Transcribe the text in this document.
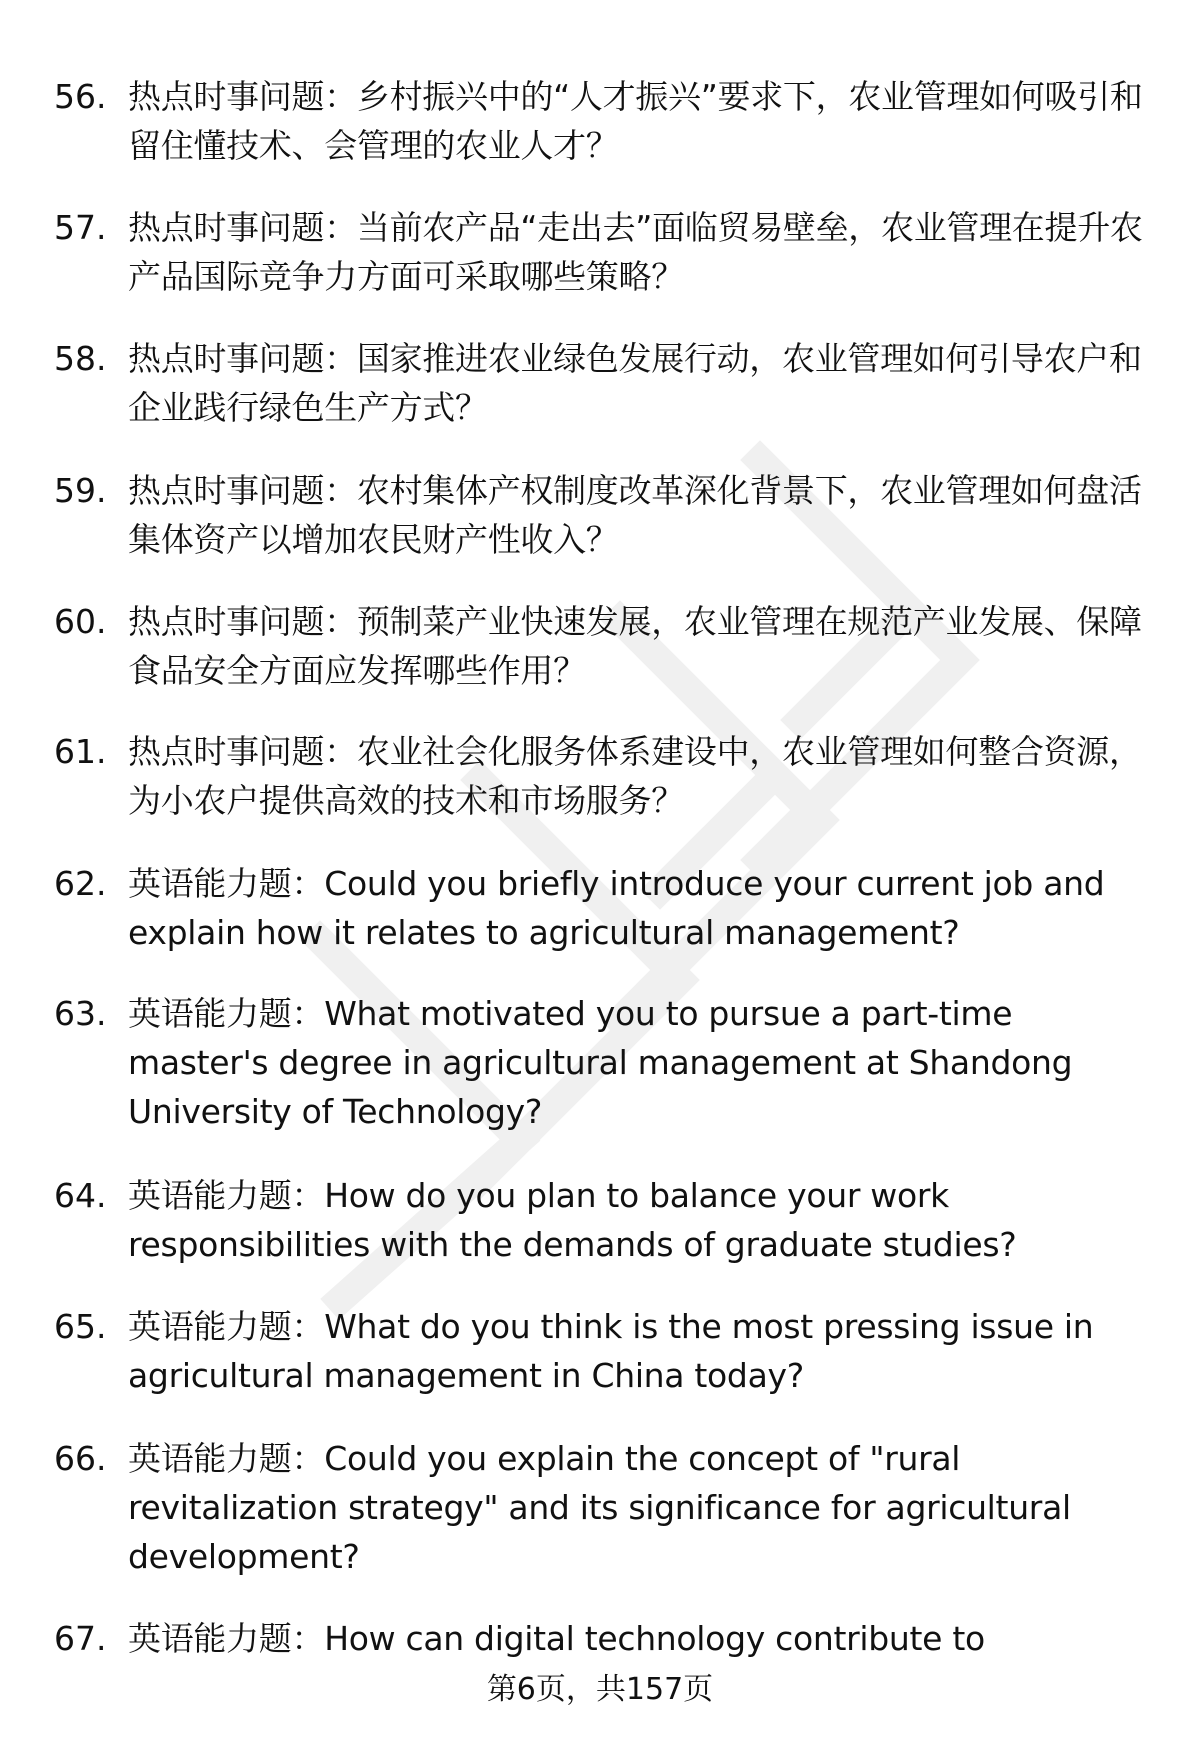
56. 热点时事问题：乡村振兴中的“人才振兴”要求下，农业管理如何吸引和留住懂技术、会管理的农业人才？
57. 热点时事问题：当前农产品“走出去”面临贸易壁垒，农业管理在提升农产品国际竞争力方面可采取哪些策略？
58. 热点时事问题：国家推进农业绿色发展行动，农业管理如何引导农户和企业践行绿色生产方式？
59. 热点时事问题：农村集体产权制度改革深化背景下，农业管理如何盘活集体资产以增加农民财产性收入？
60. 热点时事问题：预制菜产业快速发展，农业管理在规范产业发展、保障食品安全方面应发挥哪些作用？
61. 热点时事问题：农业社会化服务体系建设中，农业管理如何整合资源，为小农户提供高效的技术和市场服务？
62. 英语能力题：Could you briefly introduce your current job and explain how it relates to agricultural management?
63. 英语能力题：What motivated you to pursue a part-time master's degree in agricultural management at Shandong University of Technology?
64. 英语能力题：How do you plan to balance your work responsibilities with the demands of graduate studies?
65. 英语能力题：What do you think is the most pressing issue in agricultural management in China today?
66. 英语能力题：Could you explain the concept of "rural revitalization strategy" and its significance for agricultural development?
67. 英语能力题：How can digital technology contribute to
第6页，共157页
